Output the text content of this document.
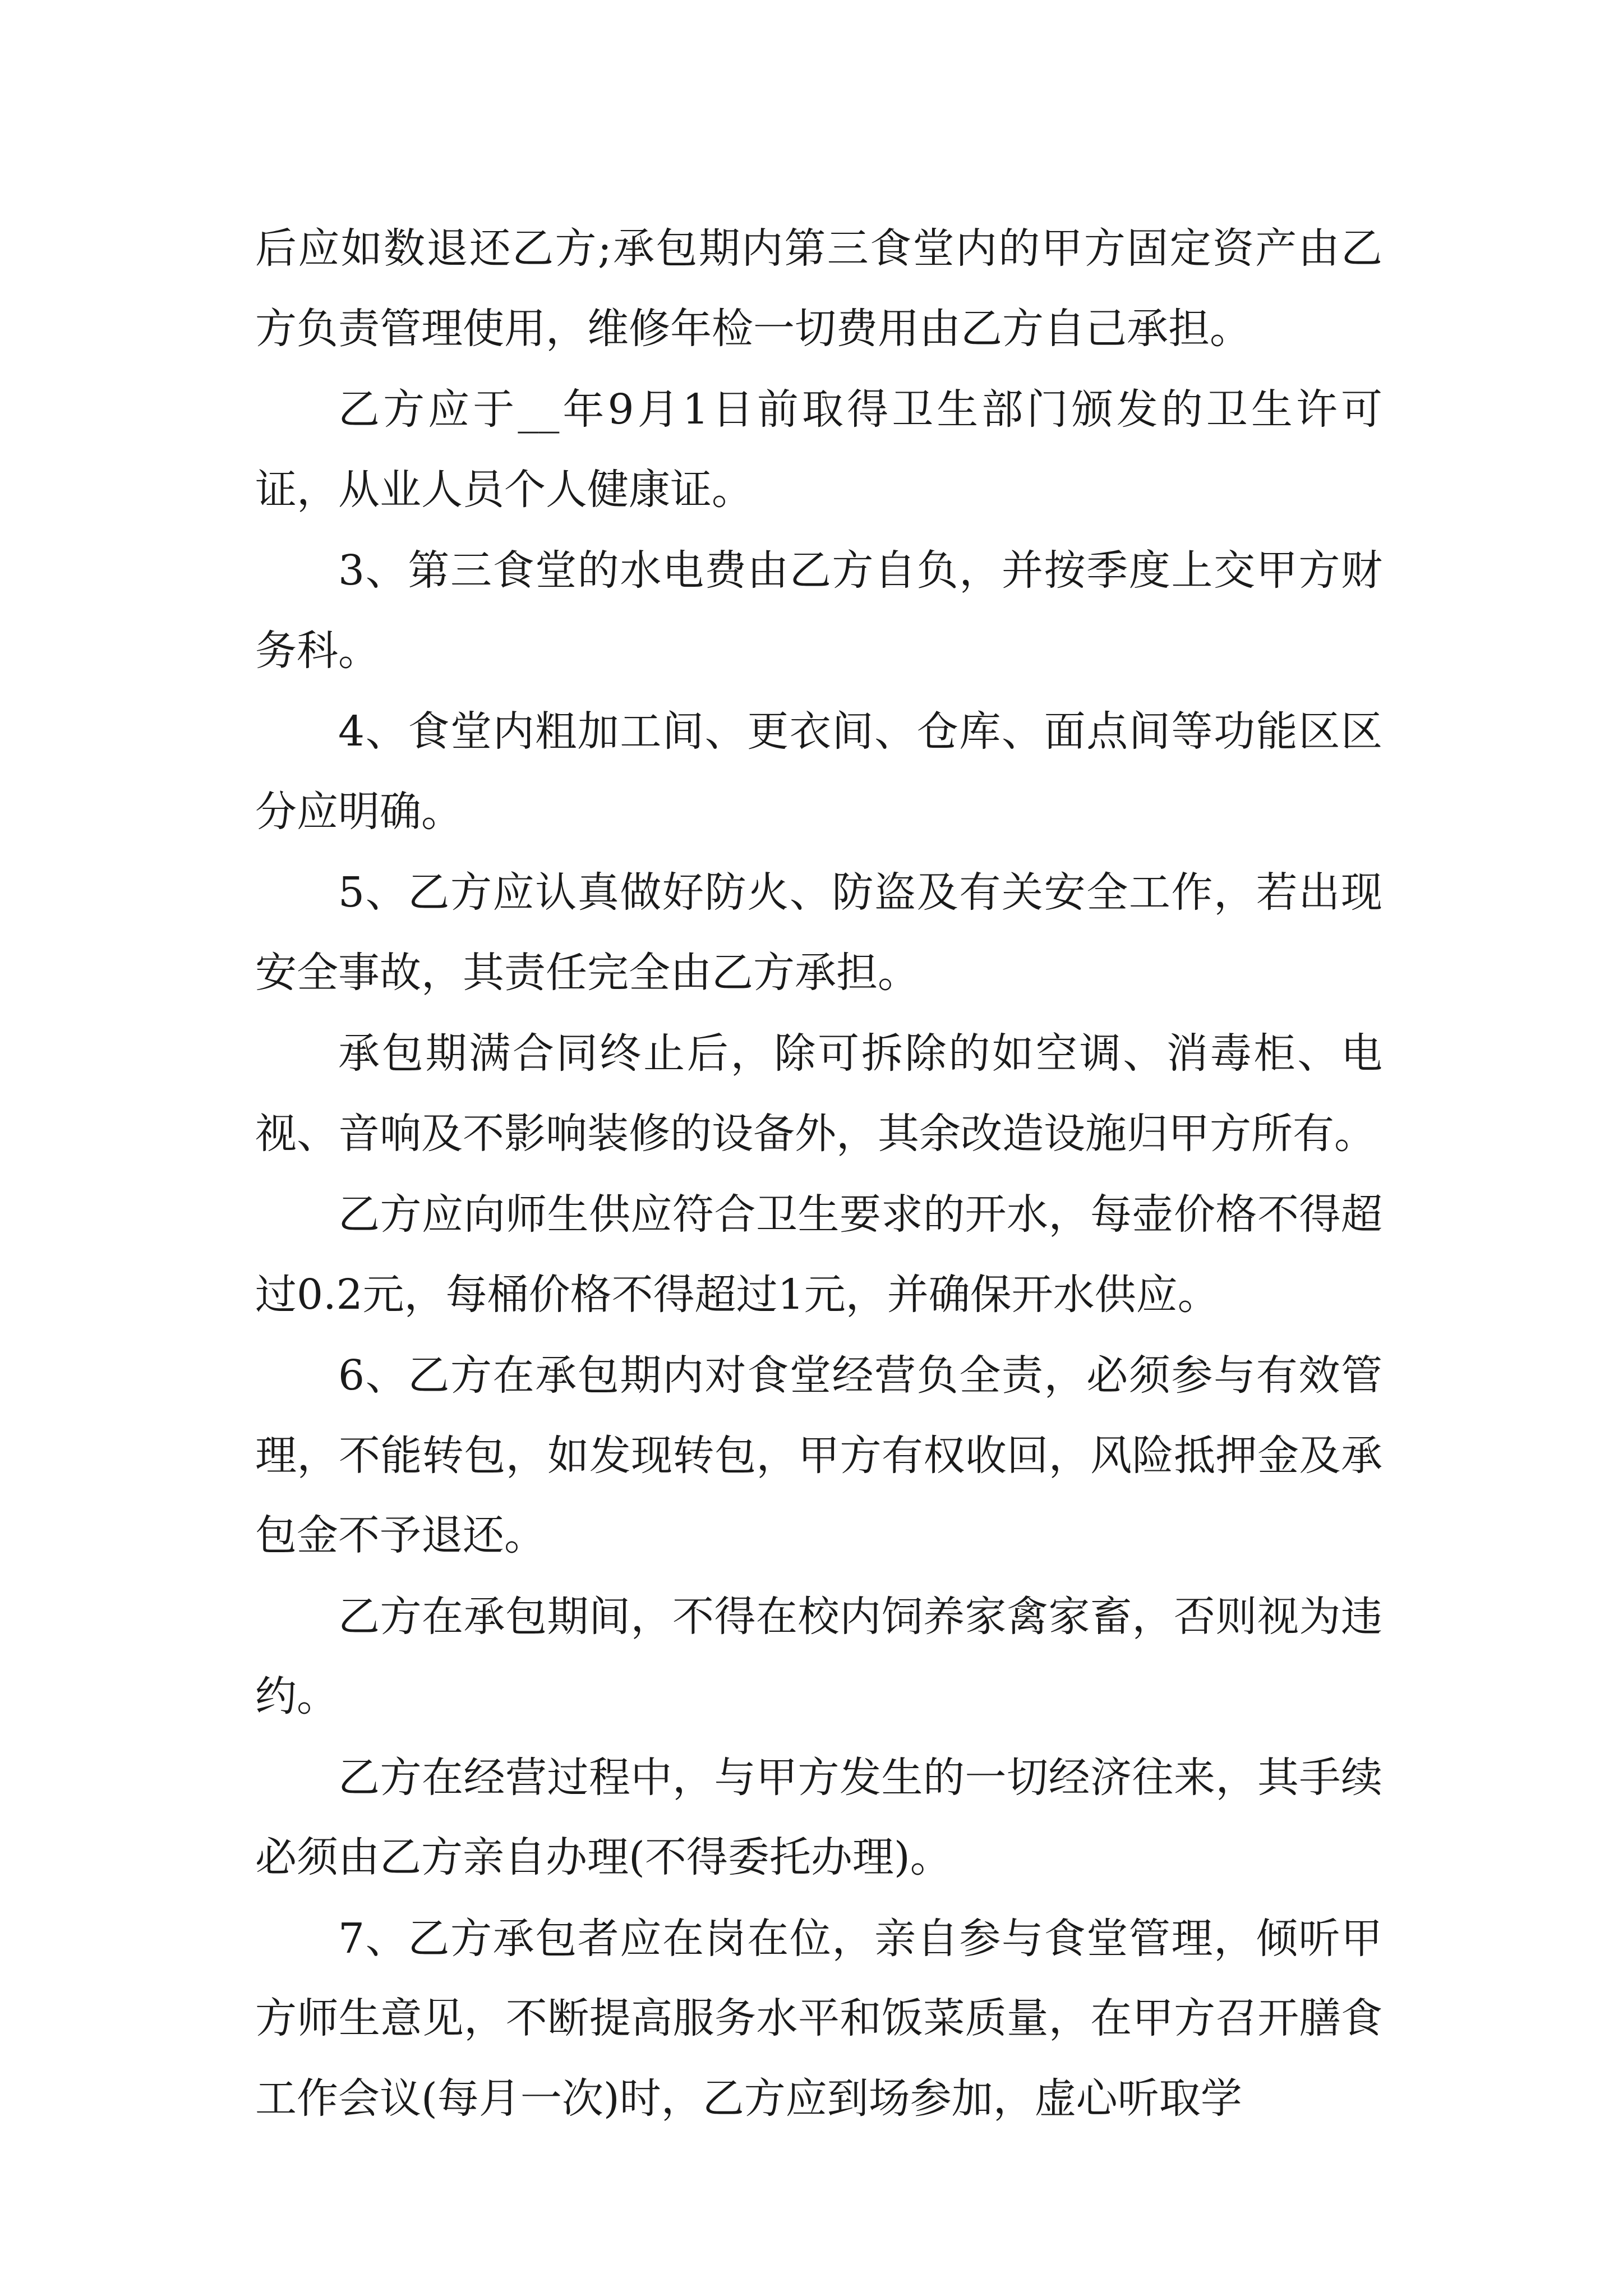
后应如数退还乙方;承包期内第三食堂内的甲方固定资产由乙方负责管理使用，维修年检一切费用由乙方自己承担。

乙方应于__年9月1日前取得卫生部门颁发的卫生许可证，从业人员个人健康证。

3、第三食堂的水电费由乙方自负，并按季度上交甲方财务科。

4、食堂内粗加工间、更衣间、仓库、面点间等功能区区分应明确。

5、乙方应认真做好防火、防盗及有关安全工作，若出现安全事故，其责任完全由乙方承担。

承包期满合同终止后，除可拆除的如空调、消毒柜、电视、音响及不影响装修的设备外，其余改造设施归甲方所有。

乙方应向师生供应符合卫生要求的开水，每壶价格不得超过0.2元，每桶价格不得超过1元，并确保开水供应。

6、乙方在承包期内对食堂经营负全责，必须参与有效管理，不能转包，如发现转包，甲方有权收回，风险抵押金及承包金不予退还。

乙方在承包期间，不得在校内饲养家禽家畜，否则视为违约。

乙方在经营过程中，与甲方发生的一切经济往来，其手续必须由乙方亲自办理(不得委托办理)。

7、乙方承包者应在岗在位，亲自参与食堂管理，倾听甲方师生意见，不断提高服务水平和饭菜质量，在甲方召开膳食工作会议(每月一次)时，乙方应到场参加，虚心听取学
